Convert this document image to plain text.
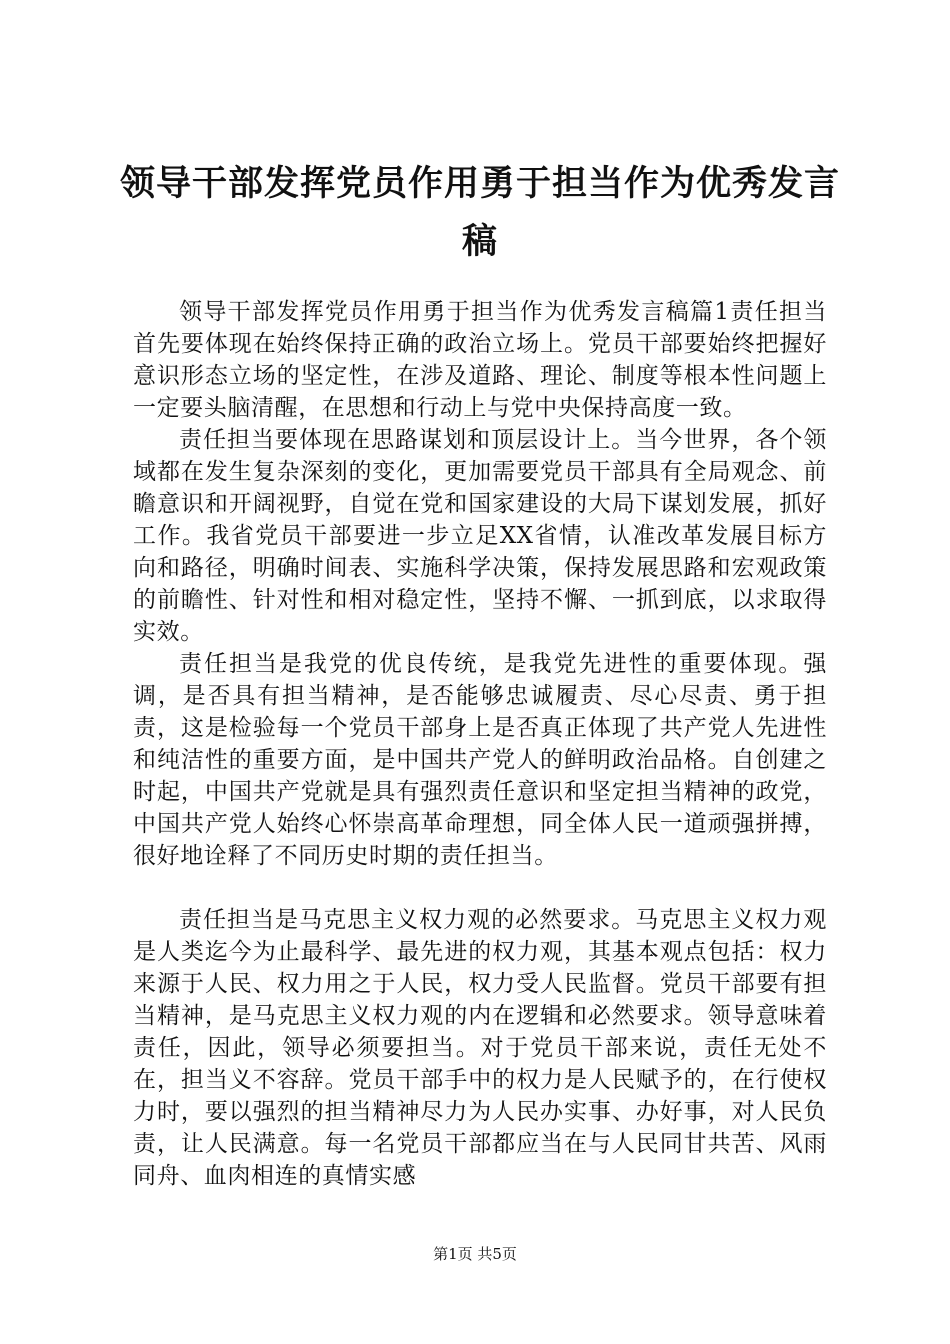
领导干部发挥党员作用勇于担当作为优秀发言稿

领导干部发挥党员作用勇于担当作为优秀发言稿篇1责任担当首先要体现在始终保持正确的政治立场上。党员干部要始终把握好意识形态立场的坚定性，在涉及道路、理论、制度等根本性问题上一定要头脑清醒，在思想和行动上与党中央保持高度一致。

责任担当要体现在思路谋划和顶层设计上。当今世界，各个领域都在发生复杂深刻的变化，更加需要党员干部具有全局观念、前瞻意识和开阔视野，自觉在党和国家建设的大局下谋划发展，抓好工作。我省党员干部要进一步立足XX省情，认准改革发展目标方向和路径，明确时间表、实施科学决策，保持发展思路和宏观政策的前瞻性、针对性和相对稳定性，坚持不懈、一抓到底，以求取得实效。

责任担当是我党的优良传统，是我党先进性的重要体现。强调，是否具有担当精神，是否能够忠诚履责、尽心尽责、勇于担责，这是检验每一个党员干部身上是否真正体现了共产党人先进性和纯洁性的重要方面，是中国共产党人的鲜明政治品格。自创建之时起，中国共产党就是具有强烈责任意识和坚定担当精神的政党，中国共产党人始终心怀崇高革命理想，同全体人民一道顽强拼搏，很好地诠释了不同历史时期的责任担当。

责任担当是马克思主义权力观的必然要求。马克思主义权力观是人类迄今为止最科学、最先进的权力观，其基本观点包括：权力来源于人民、权力用之于人民，权力受人民监督。党员干部要有担当精神，是马克思主义权力观的内在逻辑和必然要求。领导意味着责任，因此，领导必须要担当。对于党员干部来说，责任无处不在，担当义不容辞。党员干部手中的权力是人民赋予的，在行使权力时，要以强烈的担当精神尽力为人民办实事、办好事，对人民负责，让人民满意。每一名党员干部都应当在与人民同甘共苦、风雨同舟、血肉相连的真情实感

第1页 共5页
